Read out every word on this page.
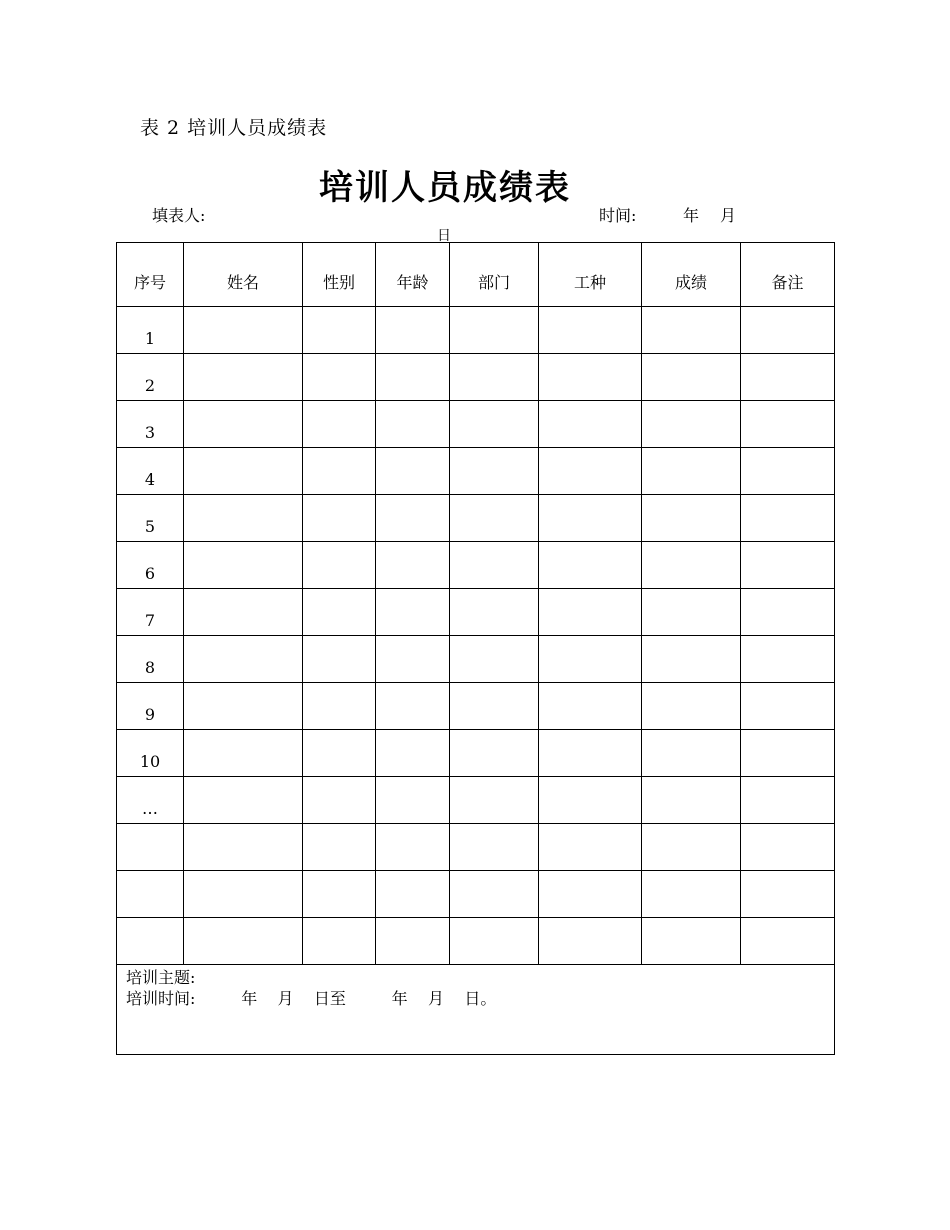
表 2 培训人员成绩表
培训人员成绩表
填表人:	时间:	年 月
日
序号	姓名	性别	年龄	部门	工种	成绩	备注
1							
2							
3							
4							
5							
6							
7							
8							
9							
10							
…							

培训主题:
培训时间: 年    月    日至         年    月    日。							
